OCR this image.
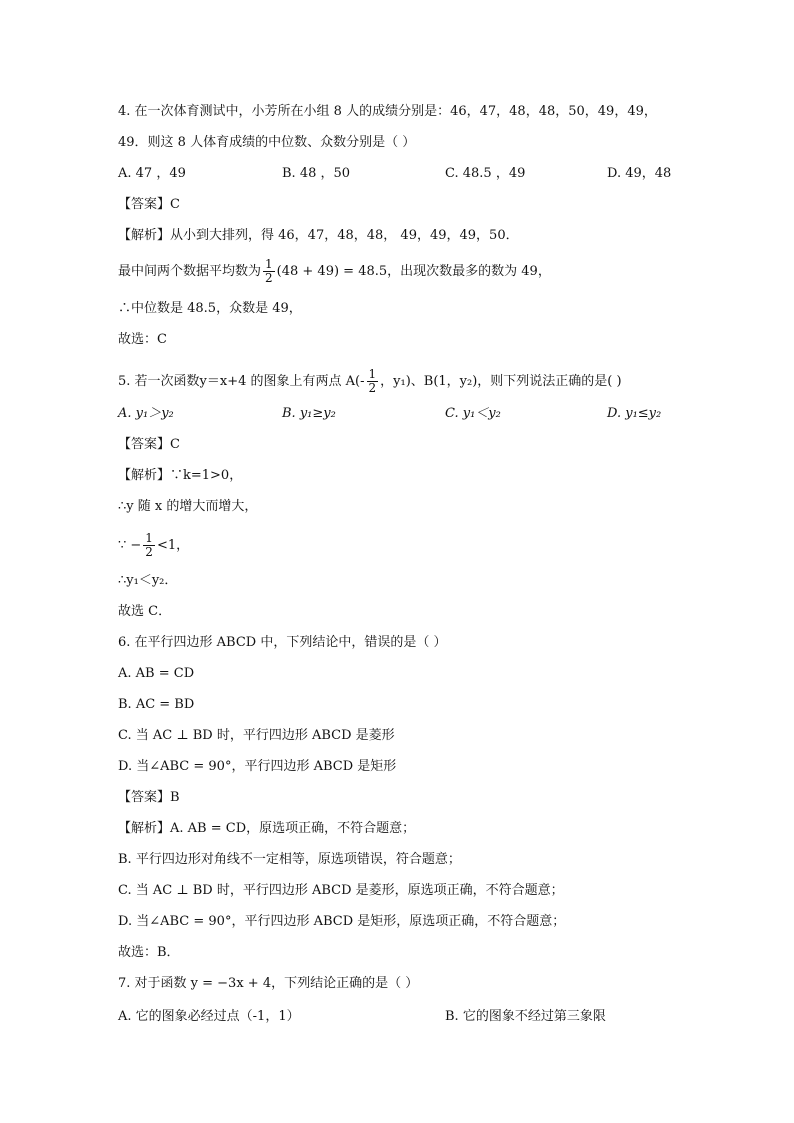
4. 在一次体育测试中，小芳所在小组 8 人的成绩分别是：46，47，48，48，50，49，49，
49．则这 8 人体育成绩的中位数、众数分别是（ ）
A. 47 ，49	B. 48 ，50	C. 48.5 ，49	D. 49，48
【答案】C
【解析】从小到大排列，得 46，47，48，48， 49，49，49，50．
最中间两个数据平均数为 $\frac{1}{2} (48 + 49) = 48.5$，出现次数最多的数为 49，
∴中位数是 48.5，众数是 49，
故选：C
5. 若一次函数y＝x+4 的图象上有两点 $A(- \frac{1}{2}$ ，y₁)、B(1，y₂)，则下列说法正确的是( )
A. y₁＞y₂	B. y₁≥y₂	C. y₁＜y₂	D. y₁≤y₂
【答案】C
【解析】∵k=1>0，
∴y 随 x 的增大而增大，
∵ − $\frac{1}{2} <1$，
∴y₁＜y₂．
故选 C．
6. 在平行四边形 ABCD 中，下列结论中，错误的是（ ）
A. AB = CD
B. AC = BD
C. 当 AC ⊥ BD 时，平行四边形 ABCD 是菱形
D. 当∠ABC = 90°，平行四边形 ABCD 是矩形
【答案】B
【解析】A. AB = CD，原选项正确，不符合题意；
B. 平行四边形对角线不一定相等，原选项错误，符合题意；
C. 当 AC ⊥ BD 时，平行四边形 ABCD 是菱形，原选项正确，不符合题意；
D. 当∠ABC = 90°，平行四边形 ABCD 是矩形，原选项正确，不符合题意；
故选：B．
7. 对于函数 y = −3x + 4，下列结论正确的是（ ）
A. 它的图象必经过点（-1，1）	B. 它的图象不经过第三象限
